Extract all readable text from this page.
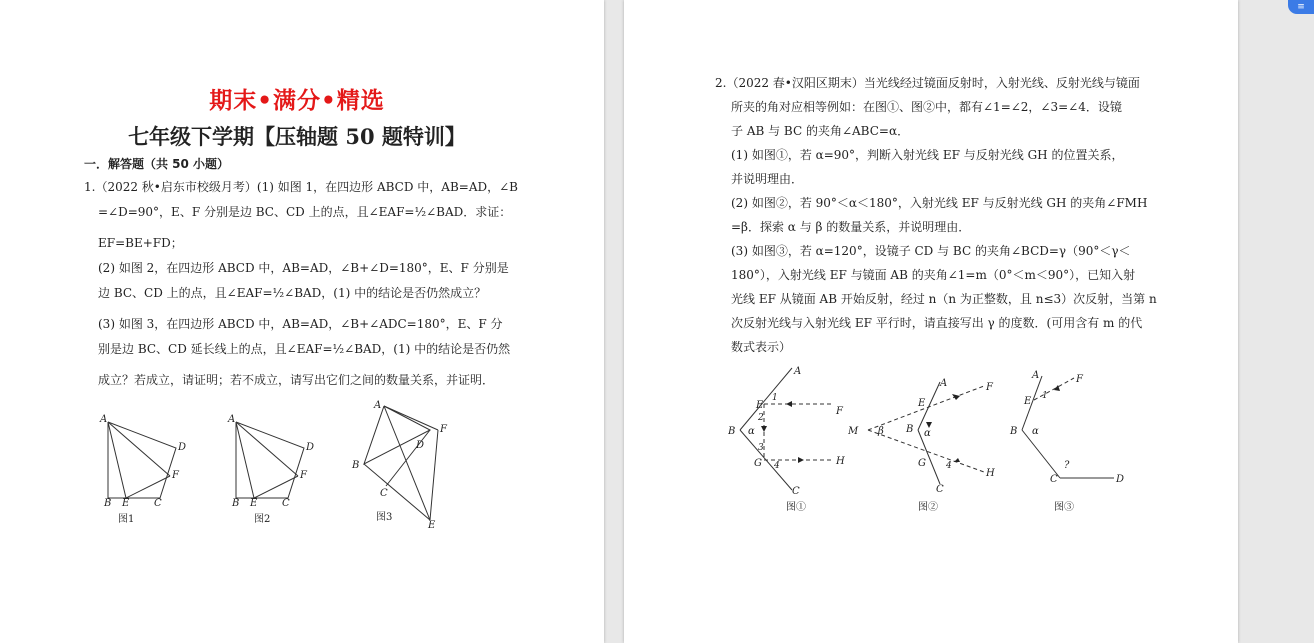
期末•满分•精选
七年级下学期【压轴题 50 题特训】
一．解答题（共 50 小题）
1.（2022 秋•启东市校级月考）(1) 如图 1，在四边形 ABCD 中，AB=AD，∠B
=∠D=90°，E、F 分别是边 BC、CD 上的点，且∠EAF=½∠BAD．求证：
EF=BE+FD；
(2) 如图 2，在四边形 ABCD 中，AB=AD，∠B+∠D=180°，E、F 分别是
边 BC、CD 上的点，且∠EAF=½∠BAD，(1) 中的结论是否仍然成立？
(3) 如图 3，在四边形 ABCD 中，AB=AD，∠B+∠ADC=180°，E、F 分
别是边 BC、CD 延长线上的点，且∠EAF=½∠BAD，(1) 中的结论是否仍然
成立？若成立，请证明；若不成立，请写出它们之间的数量关系，并证明．
A
D
F
B E C
图1
A
D
F
B E C
图2
A
F
D
B
C
E
图3
2.（2022 春•汉阳区期末）当光线经过镜面反射时，入射光线、反射光线与镜面
所夹的角对应相等例如：在图①、图②中，都有∠1=∠2，∠3=∠4．设镜
子 AB 与 BC 的夹角∠ABC=α．
(1) 如图①，若 α=90°，判断入射光线 EF 与反射光线 GH 的位置关系，
并说明理由．
(2) 如图②，若 90°＜α＜180°，入射光线 EF 与反射光线 GH 的夹角∠FMH
=β．探索 α 与 β 的数量关系，并说明理由．
(3) 如图③，若 α=120°，设镜子 CD 与 BC 的夹角∠BCD=γ（90°＜γ＜
180°），入射光线 EF 与镜面 AB 的夹角∠1=m（0°＜m＜90°），已知入射
光线 EF 从镜面 AB 开始反射，经过 n（n 为正整数，且 n≤3）次反射，当第 n
次反射光线与入射光线 EF 平行时，请直接写出 γ 的度数．(可用含有 m 的代
数式表示）
A
B
C
E
F
G	H
α
1
2
3
4
图①
A	F
M	B
E
G
H
C
β	α
4
图②
A	F
E
B α
C	D
?
1
图③
≡
